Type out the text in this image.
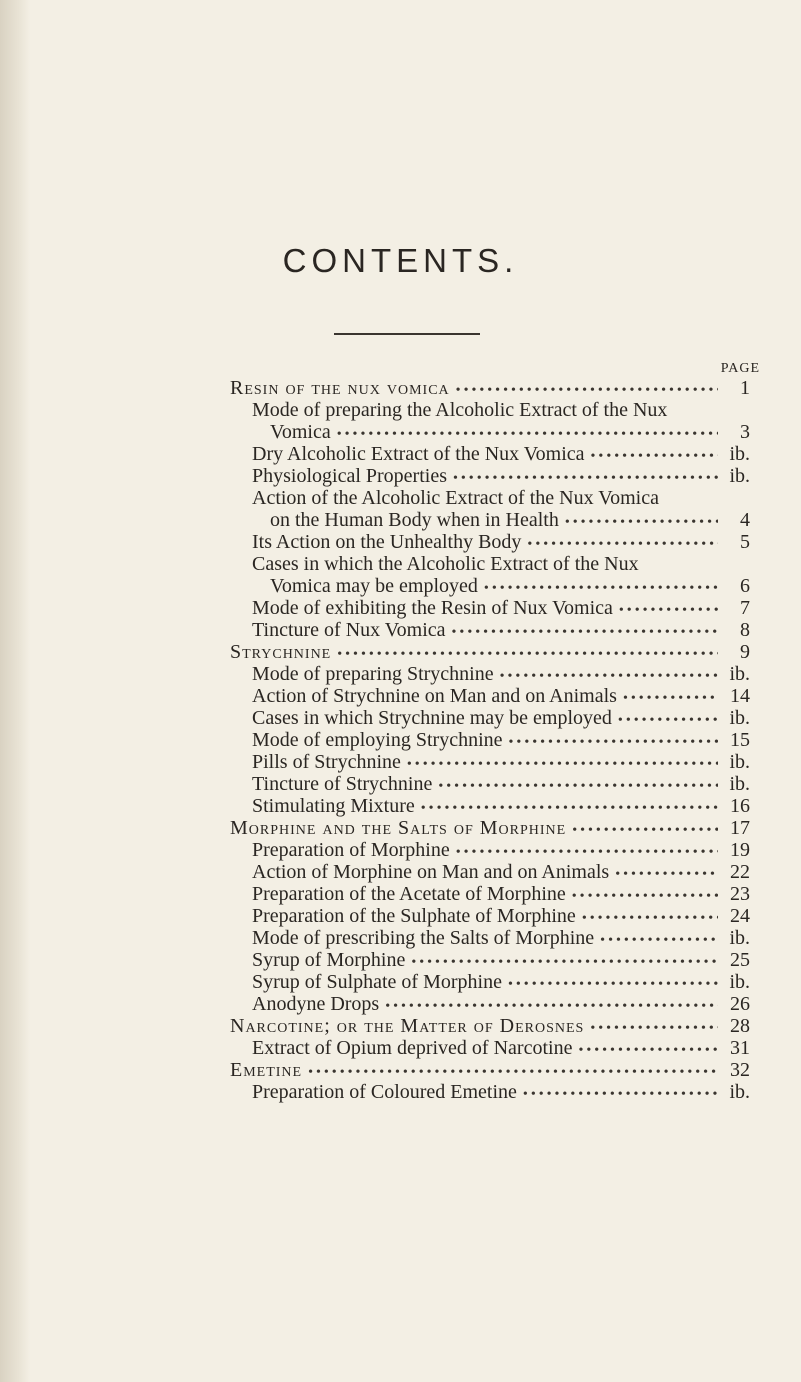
CONTENTS.
PAGE
Resin of the nux vomica •••••	1
Mode of preparing the Alcoholic Extract of the Nux
Vomica •••••	3
Dry Alcoholic Extract of the Nux Vomica •••••	ib.
Physiological Properties •••••	ib.
Action of the Alcoholic Extract of the Nux Vomica
on the Human Body when in Health •••••	4
Its Action on the Unhealthy Body •••••	5
Cases in which the Alcoholic Extract of the Nux
Vomica may be employed •••••	6
Mode of exhibiting the Resin of Nux Vomica •••••	7
Tincture of Nux Vomica •••••	8
Strychnine •••••	9
Mode of preparing Strychnine •••••	ib.
Action of Strychnine on Man and on Animals •••••	14
Cases in which Strychnine may be employed •••••	ib.
Mode of employing Strychnine •••••	15
Pills of Strychnine •••••	ib.
Tincture of Strychnine •••••	ib.
Stimulating Mixture •••••	16
Morphine and the Salts of Morphine •••••	17
Preparation of Morphine •••••	19
Action of Morphine on Man and on Animals •••••	22
Preparation of the Acetate of Morphine •••••	23
Preparation of the Sulphate of Morphine •••••	24
Mode of prescribing the Salts of Morphine •••••	ib.
Syrup of Morphine •••••	25
Syrup of Sulphate of Morphine •••••	ib.
Anodyne Drops •••••	26
Narcotine; or the Matter of Derosnes •••••	28
Extract of Opium deprived of Narcotine •••••	31
Emetine •••••	32
Preparation of Coloured Emetine •••••	ib.
